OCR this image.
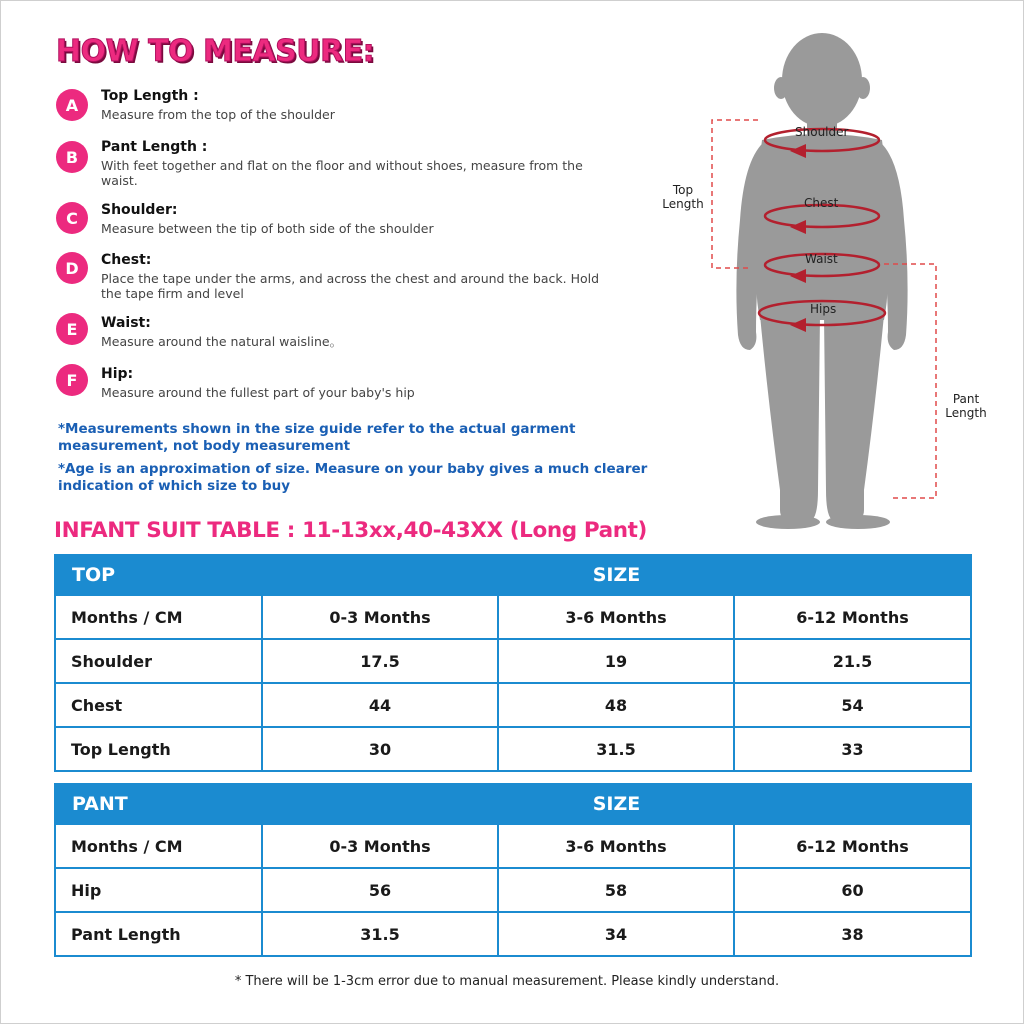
HOW TO MEASURE:
A	Top Length :
Measure from the top of the shoulder
B
Pant Length :
With feet together and flat on the floor and without shoes, measure from the waist.
C	Shoulder:
Measure between the tip of both side of the shoulder
D	Chest:
Place the tape under the arms, and across the chest and around the back. Hold the tape firm and level
E	Waist:
Measure around the natural waisline。
F	Hip:
Measure around the fullest part of your baby's hip
*Measurements shown in the size guide refer to the actual garment measurement, not body measurement
*Age is an approximation of size. Measure on your baby gives a much clearer indication of which size to buy
Shoulder
Chest
Waist
Hips
Top Length
Pant Length
INFANT SUIT TABLE : 11-13xx,40-43XX (Long Pant)
TOP	SIZE		
Months / CM	0-3 Months	3-6 Months	6-12 Months
Shoulder	17.5	19	21.5
Chest	44	48	54
Top Length	30	31.5	33
PANT	SIZE		
Months / CM	0-3 Months	3-6 Months	6-12 Months
Hip	56	58	60
Pant Length	31.5	34	38
* There will be 1-3cm error due to manual measurement. Please kindly understand.
